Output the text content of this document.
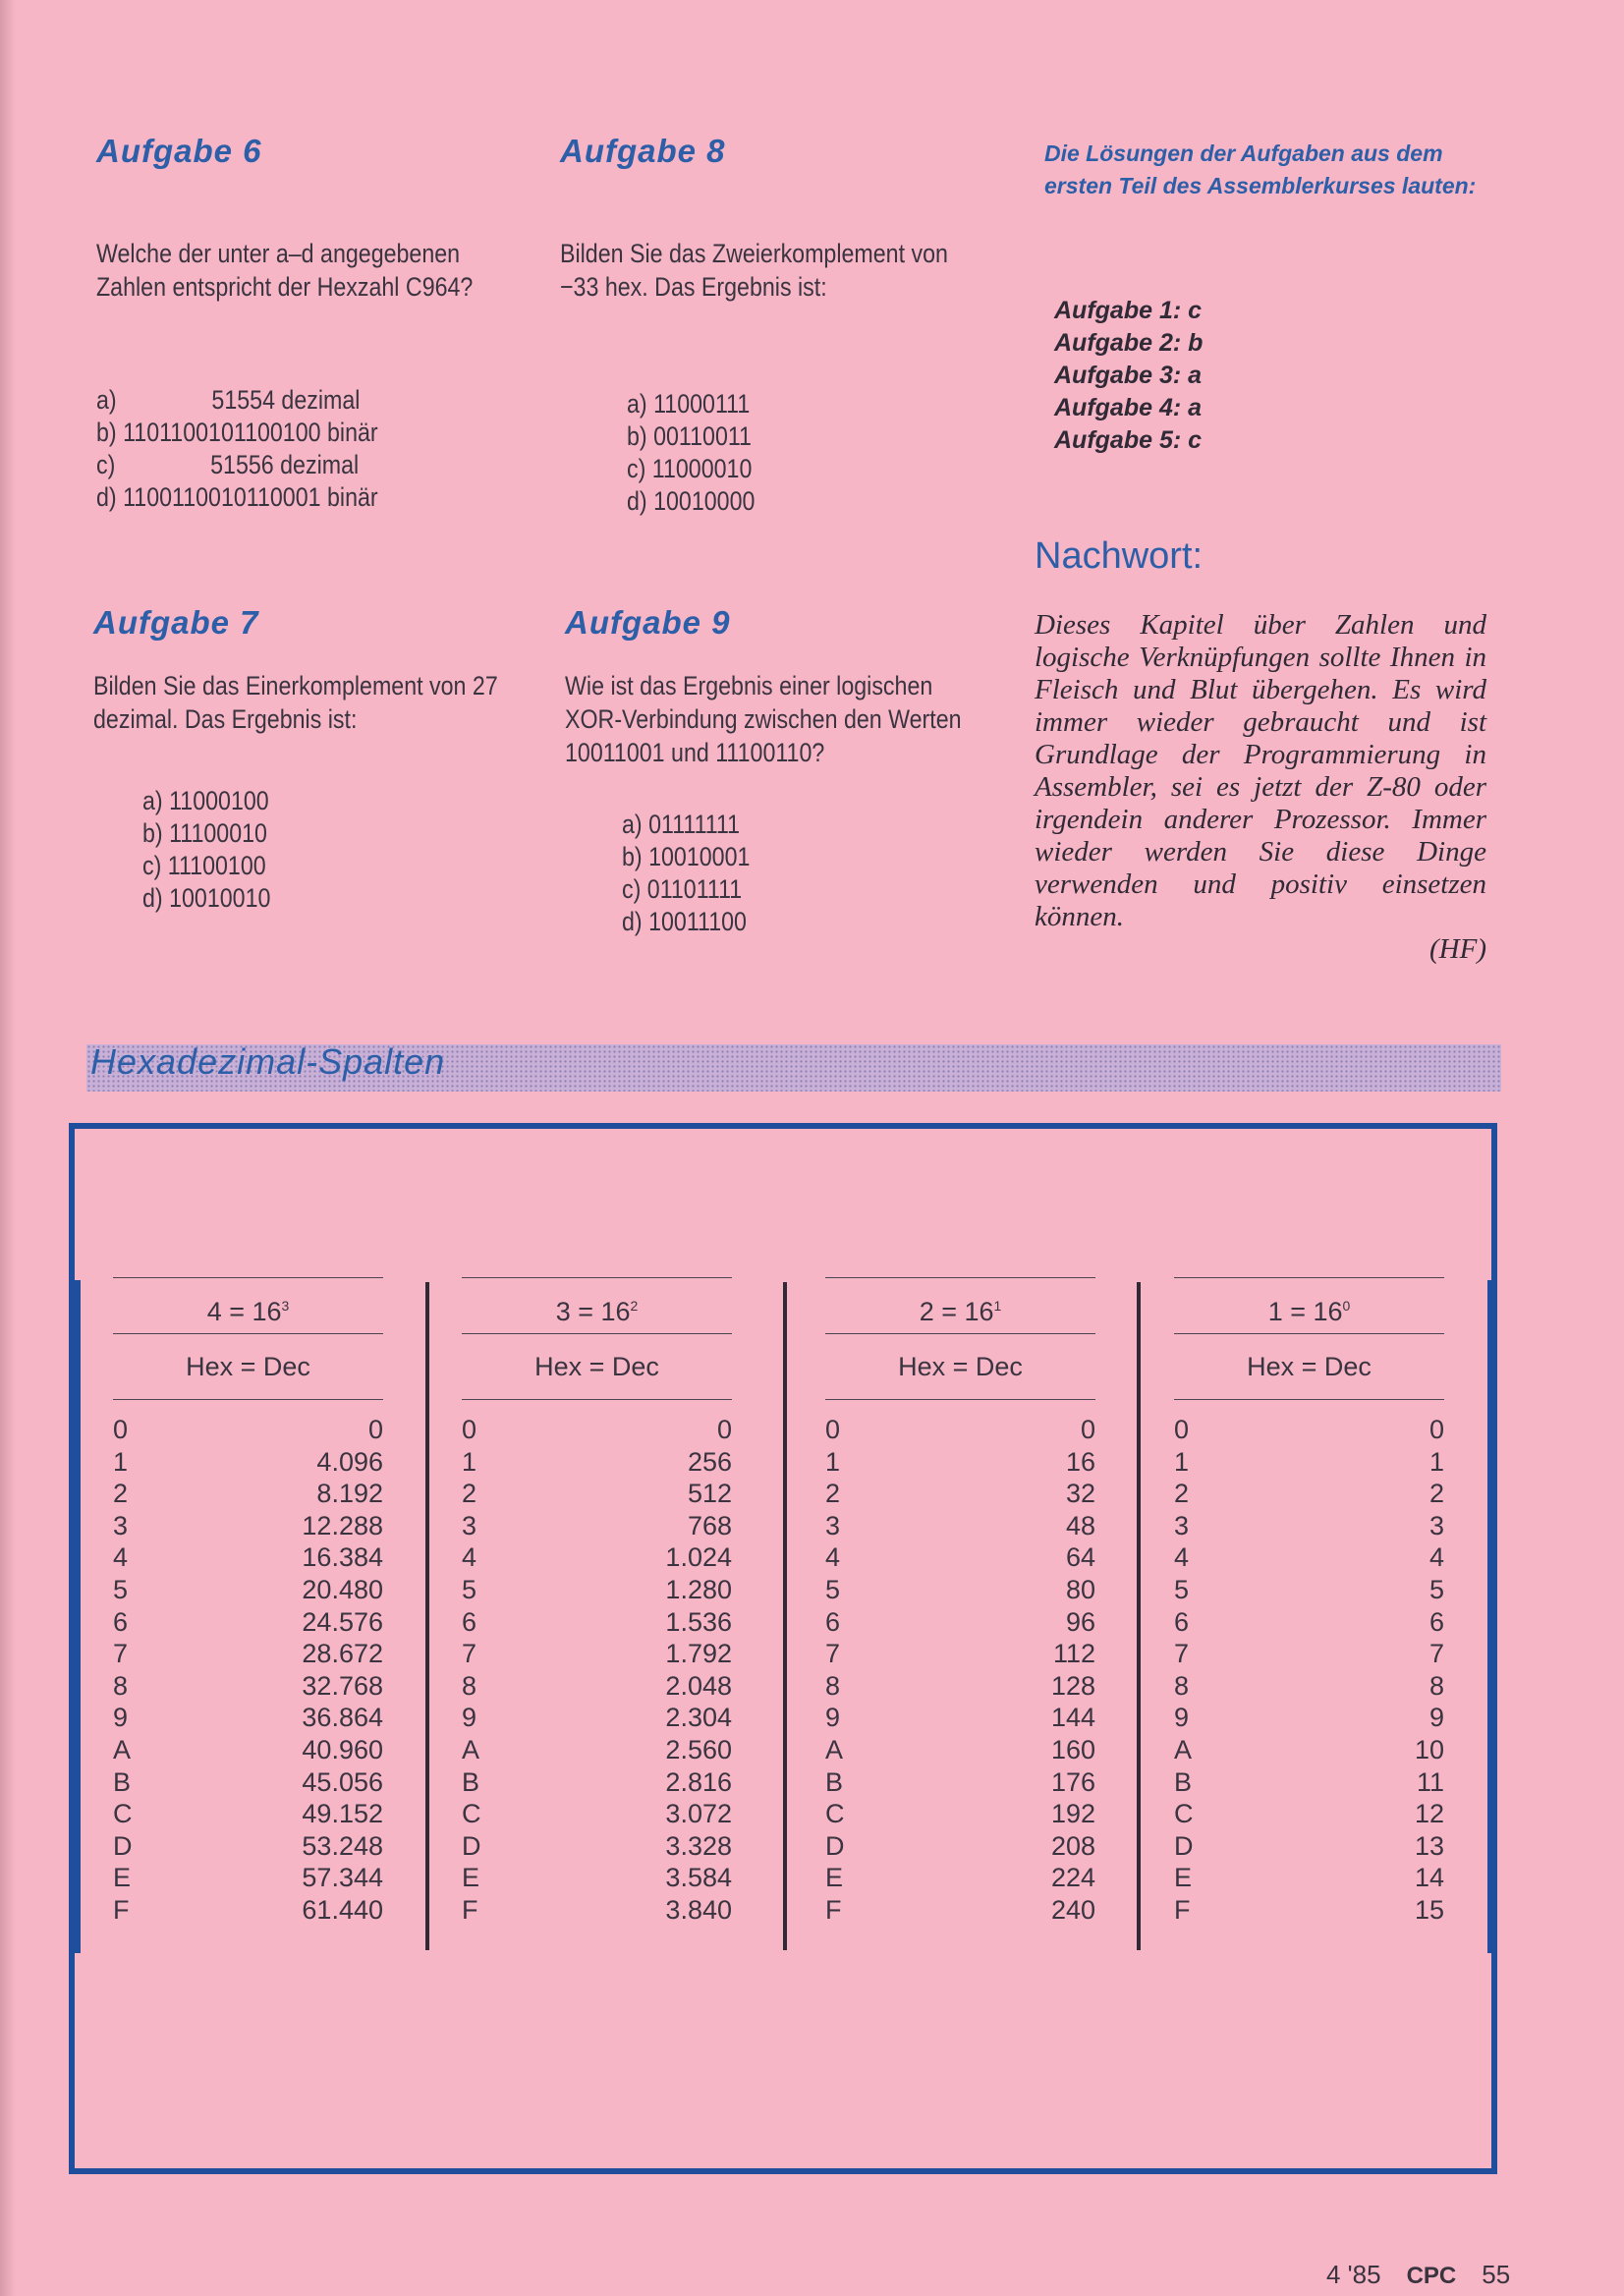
Aufgabe 6
Welche der unter a–d angegebenen Zahlen entspricht der Hexzahl C964?
a)               51554 dezimal
b) 1101100101100100 binär
c)               51556 dezimal
d) 1100110010110001 binär
Aufgabe 7
Bilden Sie das Einerkomplement von 27 dezimal. Das Ergebnis ist:
a) 11000100
b) 11100010
c) 11100100
d) 10010010
Aufgabe 8
Bilden Sie das Zweierkomplement von −33 hex. Das Ergebnis ist:
a) 11000111
b) 00110011
c) 11000010
d) 10010000
Aufgabe 9
Wie ist das Ergebnis einer logischen XOR-Verbindung zwischen den Werten 10011001 und 11100110?
a) 01111111
b) 10010001
c) 01101111
d) 10011100
Die Lösungen der Aufgaben aus dem ersten Teil des Assemblerkurses lauten:
Aufgabe 1: c
Aufgabe 2: b
Aufgabe 3: a
Aufgabe 4: a
Aufgabe 5: c
Nachwort:
Dieses Kapitel über Zahlen und logische Verknüpfungen sollte Ihnen in Fleisch und Blut übergehen. Es wird immer wieder gebraucht und ist Grundlage der Programmierung in Assembler, sei es jetzt der Z-80 oder irgendein anderer Prozessor. Immer wieder werden Sie diese Dinge verwenden und positiv einsetzen können.
(HF)
Hexadezimal-Spalten
$4 = 16^3$
Hex = Dec
0	0
1	4.096
2	8.192
3	12.288
4	16.384
5	20.480
6	24.576
7	28.672
8	32.768
9	36.864
A	40.960
B	45.056
C	49.152
D	53.248
E	57.344
F	61.440
$3 = 16^2$
Hex = Dec
0	0
1	256
2	512
3	768
4	1.024
5	1.280
6	1.536
7	1.792
8	2.048
9	2.304
A	2.560
B	2.816
C	3.072
D	3.328
E	3.584
F	3.840
$2 = 16^1$
Hex = Dec
0	0
1	16
2	32
3	48
4	64
5	80
6	96
7	112
8	128
9	144
A	160
B	176
C	192
D	208
E	224
F	240
$1 = 16^0$
Hex = Dec
0	0
1	1
2	2
3	3
4	4
5	5
6	6
7	7
8	8
9	9
A	10
B	11
C	12
D	13
E	14
F	15
4 '85 CPC 55
